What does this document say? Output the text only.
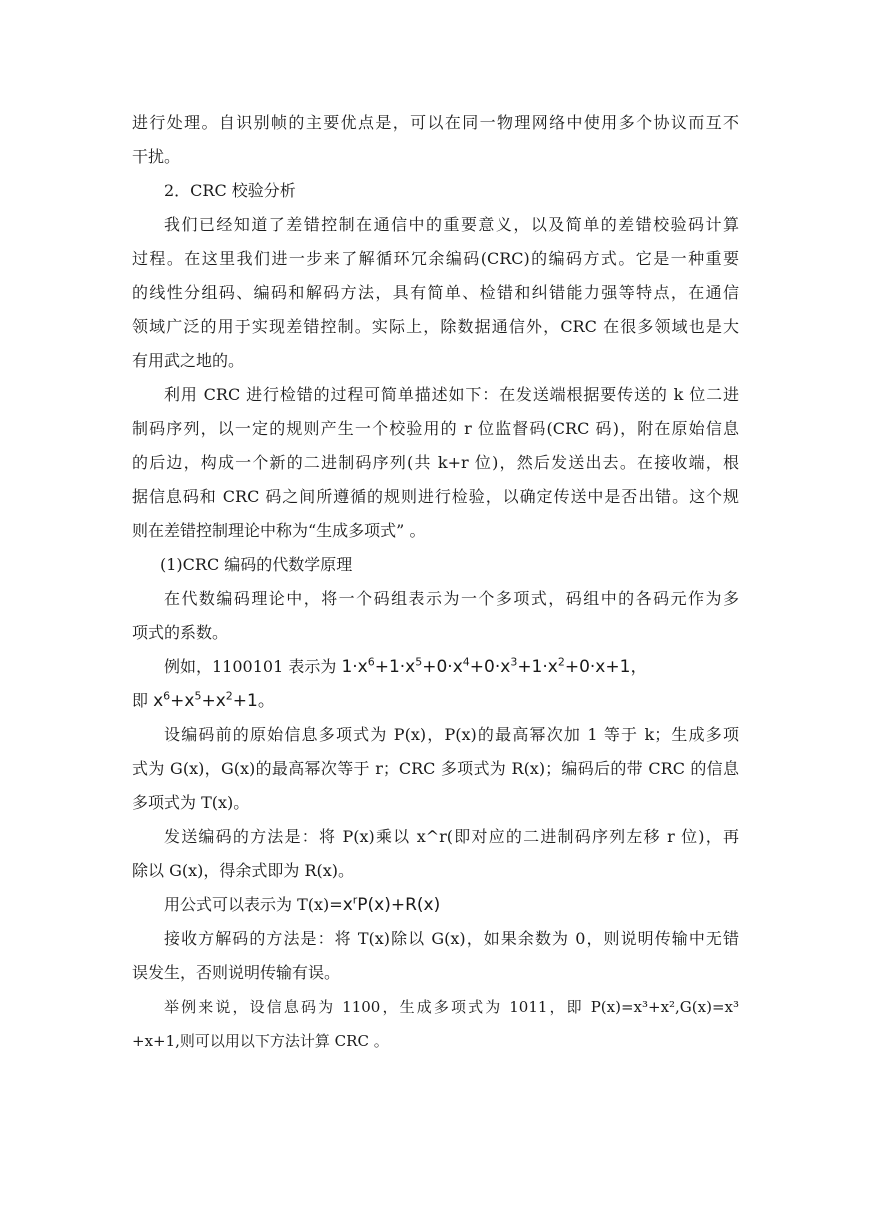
进行处理。自识别帧的主要优点是，可以在同一物理网络中使用多个协议而互不
干扰。
2．CRC 校验分析
我们已经知道了差错控制在通信中的重要意义，以及简单的差错校验码计算
过程。在这里我们进一步来了解循环冗余编码(CRC)的编码方式。它是一种重要
的线性分组码、编码和解码方法，具有简单、检错和纠错能力强等特点，在通信
领域广泛的用于实现差错控制。实际上，除数据通信外，CRC 在很多领域也是大
有用武之地的。
利用 CRC 进行检错的过程可简单描述如下：在发送端根据要传送的 k 位二进
制码序列，以一定的规则产生一个校验用的 r 位监督码(CRC 码)，附在原始信息
的后边，构成一个新的二进制码序列(共 k+r 位)，然后发送出去。在接收端，根
据信息码和 CRC 码之间所遵循的规则进行检验，以确定传送中是否出错。这个规
则在差错控制理论中称为“生成多项式” 。
(1)CRC 编码的代数学原理
在代数编码理论中，将一个码组表示为一个多项式，码组中的各码元作为多
项式的系数。
例如，1100101 表示为 $1\cdot x^6+1\cdot x^5+0\cdot x^4+0\cdot x^3+1\cdot x^2+0\cdot x+1$，
即 $x^6+x^5+x^2+1$。
设编码前的原始信息多项式为 P(x)，P(x)的最高幂次加 1 等于 k；生成多项
式为 G(x)，G(x)的最高幂次等于 r；CRC 多项式为 R(x)；编码后的带 CRC 的信息
多项式为 T(x)。
发送编码的方法是：将 P(x)乘以 x^r(即对应的二进制码序列左移 r 位)，再
除以 G(x)，得余式即为 R(x)。
用公式可以表示为 $T(x)=x^rP(x)+R(x)$
接收方解码的方法是：将 T(x)除以 G(x)，如果余数为 0，则说明传输中无错
误发生，否则说明传输有误。
举例来说，设信息码为 1100，生成多项式为 1011，即 P(x)=x³+x²,G(x)=x³
+x+1,则可以用以下方法计算 CRC 。
